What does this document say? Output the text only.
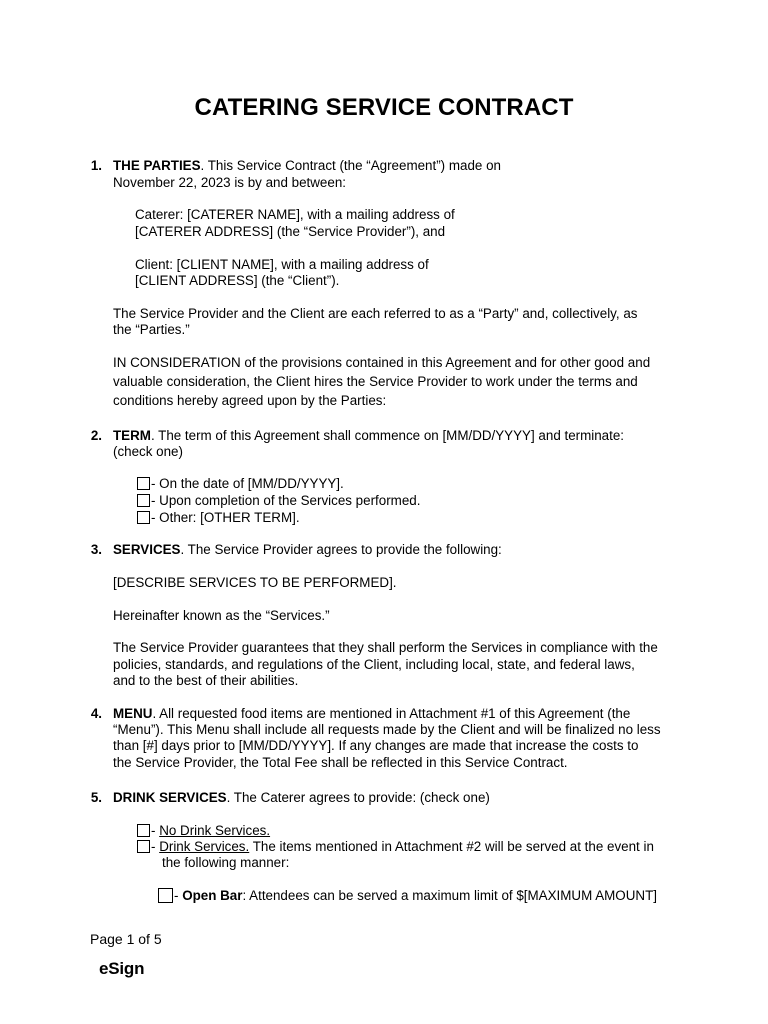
CATERING SERVICE CONTRACT
1. THE PARTIES. This Service Contract (the “Agreement”) made on
November 22, 2023 is by and between:
Caterer: [CATERER NAME], with a mailing address of
[CATERER ADDRESS] (the “Service Provider”), and
Client: [CLIENT NAME], with a mailing address of
[CLIENT ADDRESS] (the “Client”).
The Service Provider and the Client are each referred to as a “Party” and, collectively, as
the “Parties.”
IN CONSIDERATION of the provisions contained in this Agreement and for other good and
valuable consideration, the Client hires the Service Provider to work under the terms and
conditions hereby agreed upon by the Parties:
2. TERM. The term of this Agreement shall commence on [MM/DD/YYYY] and terminate:
(check one)
- On the date of [MM/DD/YYYY].
- Upon completion of the Services performed.
- Other: [OTHER TERM].
3. SERVICES. The Service Provider agrees to provide the following:
[DESCRIBE SERVICES TO BE PERFORMED].
Hereinafter known as the “Services.”
The Service Provider guarantees that they shall perform the Services in compliance with the
policies, standards, and regulations of the Client, including local, state, and federal laws,
and to the best of their abilities.
4. MENU. All requested food items are mentioned in Attachment #1 of this Agreement (the
“Menu”). This Menu shall include all requests made by the Client and will be finalized no less
than [#] days prior to [MM/DD/YYYY]. If any changes are made that increase the costs to
the Service Provider, the Total Fee shall be reflected in this Service Contract.
5. DRINK SERVICES. The Caterer agrees to provide: (check one)
- No Drink Services.
- Drink Services. The items mentioned in Attachment #2 will be served at the event in
the following manner:
- Open Bar: Attendees can be served a maximum limit of $[MAXIMUM AMOUNT]
Page 1 of 5
eSign
